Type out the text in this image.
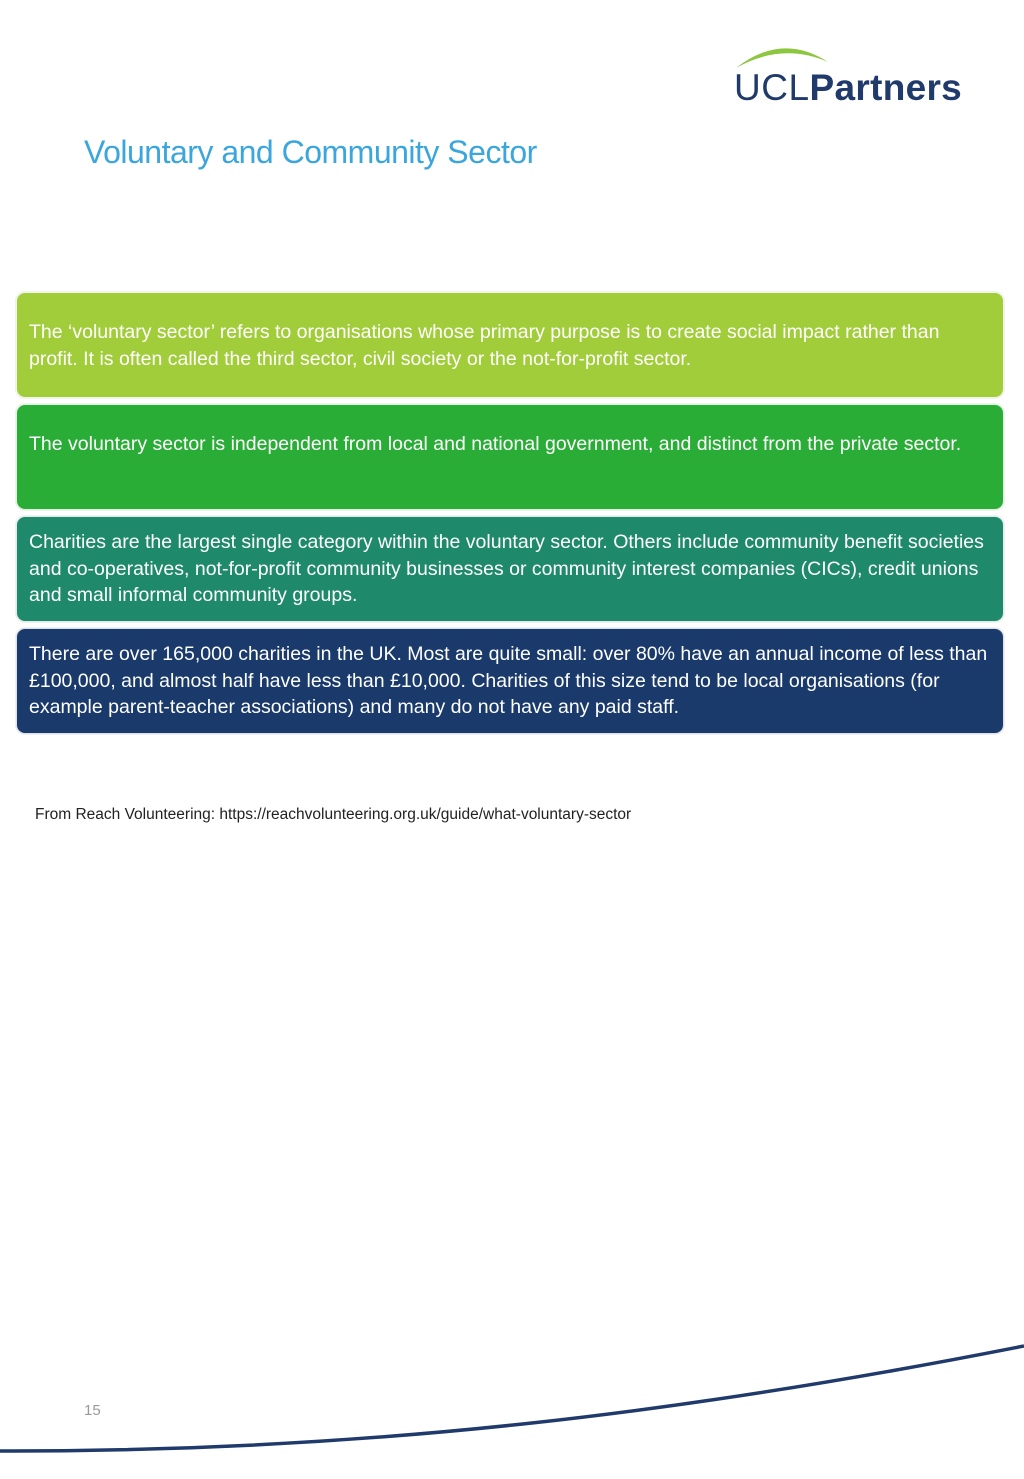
UCLPartners
Voluntary and Community Sector
The ‘voluntary sector’ refers to organisations whose primary purpose is to create social impact rather than profit. It is often called the third sector, civil society or the not-for-profit sector.
The voluntary sector is independent from local and national government, and distinct from the private sector.
Charities are the largest single category within the voluntary sector. Others include community benefit societies and co-operatives, not-for-profit community businesses or community interest companies (CICs), credit unions and small informal community groups.
There are over 165,000 charities in the UK. Most are quite small: over 80% have an annual income of less than £100,000, and almost half have less than £10,000. Charities of this size tend to be local organisations (for example parent-teacher associations) and many do not have any paid staff.
From Reach Volunteering: https://reachvolunteering.org.uk/guide/what-voluntary-sector
15
